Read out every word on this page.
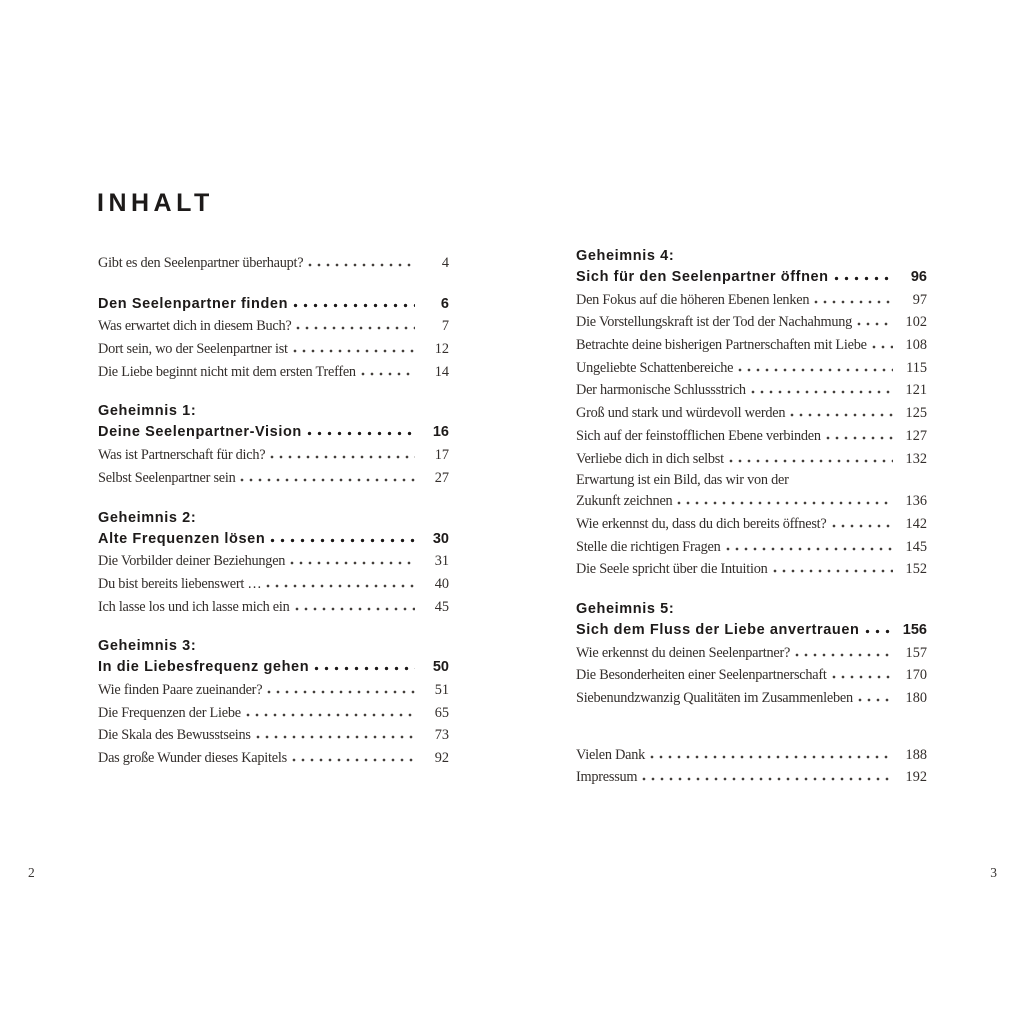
INHALT
Gibt es den Seelenpartner überhaupt?	4
Den Seelenpartner finden	6
Was erwartet dich in diesem Buch?	7
Dort sein, wo der Seelenpartner ist	12
Die Liebe beginnt nicht mit dem ersten Treffen	14
Geheimnis 1:
Deine Seelenpartner-Vision	16
Was ist Partnerschaft für dich?	17
Selbst Seelenpartner sein	27
Geheimnis 2:
Alte Frequenzen lösen	30
Die Vorbilder deiner Beziehungen	31
Du bist bereits liebenswert …	40
Ich lasse los und ich lasse mich ein	45
Geheimnis 3:
In die Liebesfrequenz gehen	50
Wie finden Paare zueinander?	51
Die Frequenzen der Liebe	65
Die Skala des Bewusstseins	73
Das große Wunder dieses Kapitels	92
Geheimnis 4:
Sich für den Seelenpartner öffnen	96
Den Fokus auf die höheren Ebenen lenken	97
Die Vorstellungskraft ist der Tod der Nachahmung	102
Betrachte deine bisherigen Partnerschaften mit Liebe	108
Ungeliebte Schattenbereiche	115
Der harmonische Schlussstrich	121
Groß und stark und würdevoll werden	125
Sich auf der feinstofflichen Ebene verbinden	127
Verliebe dich in dich selbst	132
Erwartung ist ein Bild, das wir von der
Zukunft zeichnen	136
Wie erkennst du, dass du dich bereits öffnest?	142
Stelle die richtigen Fragen	145
Die Seele spricht über die Intuition	152
Geheimnis 5:
Sich dem Fluss der Liebe anvertrauen	156
Wie erkennst du deinen Seelenpartner?	157
Die Besonderheiten einer Seelenpartnerschaft	170
Siebenundzwanzig Qualitäten im Zusammenleben	180
Vielen Dank	188
Impressum	192
2	3
